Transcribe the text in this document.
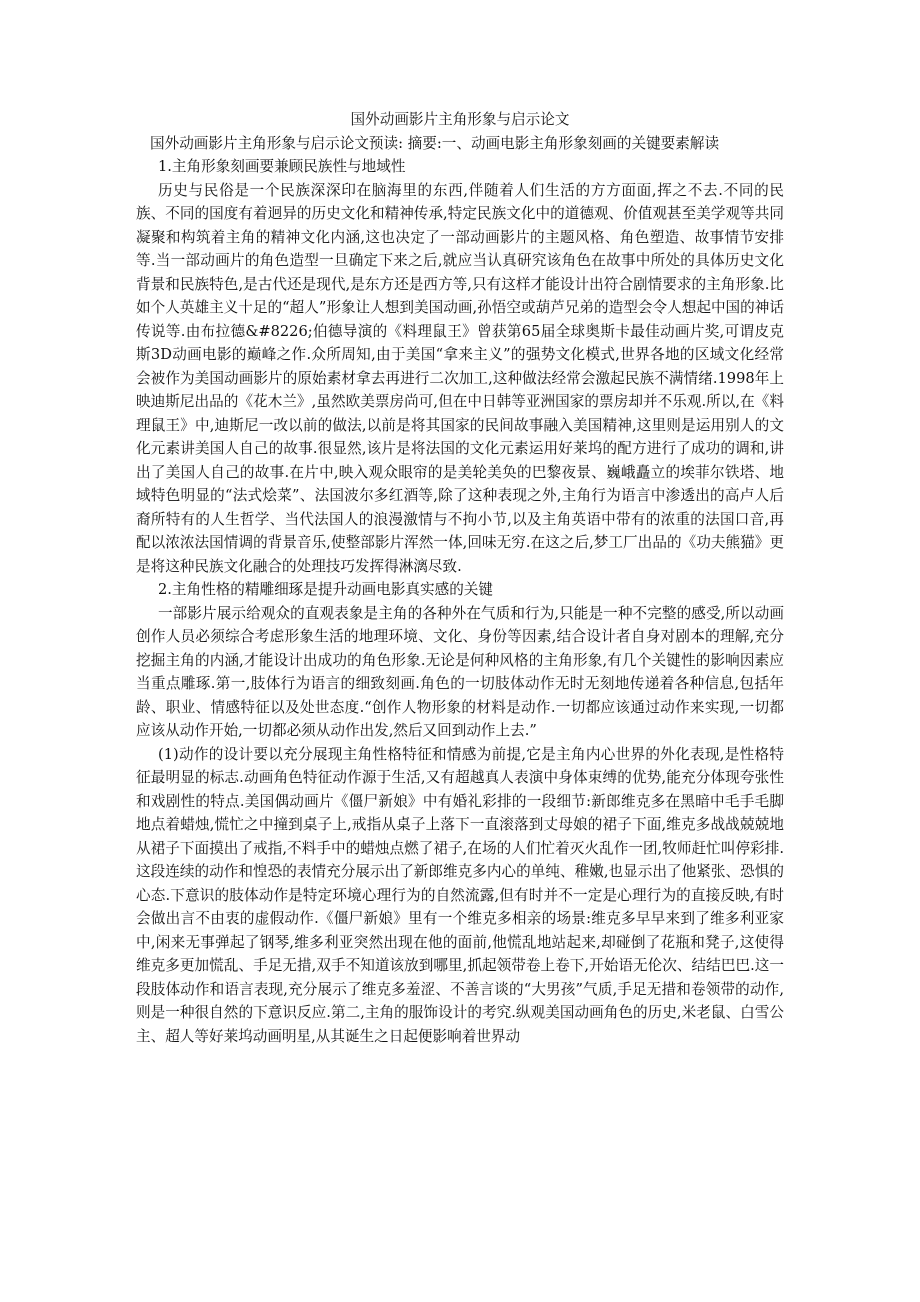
国外动画影片主角形象与启示论文

国外动画影片主角形象与启示论文预读: 摘要:一、动画电影主角形象刻画的关键要素解读

1.主角形象刻画要兼顾民族性与地域性

历史与民俗是一个民族深深印在脑海里的东西,伴随着人们生活的方方面面,挥之不去.不同的民族、不同的国度有着迥异的历史文化和精神传承,特定民族文化中的道德观、价值观甚至美学观等共同凝聚和构筑着主角的精神文化内涵,这也决定了一部动画影片的主题风格、角色塑造、故事情节安排等.当一部动画片的角色造型一旦确定下来之后,就应当认真研究该角色在故事中所处的具体历史文化背景和民族特色,是古代还是现代,是东方还是西方等,只有这样才能设计出符合剧情要求的主角形象.比如个人英雄主义十足的“超人”形象让人想到美国动画,孙悟空或葫芦兄弟的造型会令人想起中国的神话传说等.由布拉德&#8226;伯德导演的《料理鼠王》曾获第65届全球奥斯卡最佳动画片奖,可谓皮克斯3D动画电影的巅峰之作.众所周知,由于美国“拿来主义”的强势文化模式,世界各地的区域文化经常会被作为美国动画影片的原始素材拿去再进行二次加工,这种做法经常会激起民族不满情绪.1998年上映迪斯尼出品的《花木兰》,虽然欧美票房尚可,但在中日韩等亚洲国家的票房却并不乐观.所以,在《料理鼠王》中,迪斯尼一改以前的做法,以前是将其国家的民间故事融入美国精神,这里则是运用别人的文化元素讲美国人自己的故事.很显然,该片是将法国的文化元素运用好莱坞的配方进行了成功的调和,讲出了美国人自己的故事.在片中,映入观众眼帘的是美轮美奂的巴黎夜景、巍峨矗立的埃菲尔铁塔、地域特色明显的“法式烩菜”、法国波尔多红酒等,除了这种表现之外,主角行为语言中渗透出的高卢人后裔所特有的人生哲学、当代法国人的浪漫激情与不拘小节,以及主角英语中带有的浓重的法国口音,再配以浓浓法国情调的背景音乐,使整部影片浑然一体,回味无穷.在这之后,梦工厂出品的《功夫熊猫》更是将这种民族文化融合的处理技巧发挥得淋漓尽致.

2.主角性格的精雕细琢是提升动画电影真实感的关键

一部影片展示给观众的直观表象是主角的各种外在气质和行为,只能是一种不完整的感受,所以动画创作人员必须综合考虑形象生活的地理环境、文化、身份等因素,结合设计者自身对剧本的理解,充分挖掘主角的内涵,才能设计出成功的角色形象.无论是何种风格的主角形象,有几个关键性的影响因素应当重点雕琢.第一,肢体行为语言的细致刻画.角色的一切肢体动作无时无刻地传递着各种信息,包括年龄、职业、情感特征以及处世态度.“创作人物形象的材料是动作.一切都应该通过动作来实现,一切都应该从动作开始,一切都必须从动作出发,然后又回到动作上去.”

(1)动作的设计要以充分展现主角性格特征和情感为前提,它是主角内心世界的外化表现,是性格特征最明显的标志.动画角色特征动作源于生活,又有超越真人表演中身体束缚的优势,能充分体现夸张性和戏剧性的特点.美国偶动画片《僵尸新娘》中有婚礼彩排的一段细节:新郎维克多在黑暗中毛手毛脚地点着蜡烛,慌忙之中撞到桌子上,戒指从桌子上落下一直滚落到丈母娘的裙子下面,维克多战战兢兢地从裙子下面摸出了戒指,不料手中的蜡烛点燃了裙子,在场的人们忙着灭火乱作一团,牧师赶忙叫停彩排.这段连续的动作和惶恐的表情充分展示出了新郎维克多内心的单纯、稚嫩,也显示出了他紧张、恐惧的心态.下意识的肢体动作是特定环境心理行为的自然流露,但有时并不一定是心理行为的直接反映,有时会做出言不由衷的虚假动作.《僵尸新娘》里有一个维克多相亲的场景:维克多早早来到了维多利亚家中,闲来无事弹起了钢琴,维多利亚突然出现在他的面前,他慌乱地站起来,却碰倒了花瓶和凳子,这使得维克多更加慌乱、手足无措,双手不知道该放到哪里,抓起领带卷上卷下,开始语无伦次、结结巴巴.这一段肢体动作和语言表现,充分展示了维克多羞涩、不善言谈的“大男孩”气质,手足无措和卷领带的动作,则是一种很自然的下意识反应.第二,主角的服饰设计的考究.纵观美国动画角色的历史,米老鼠、白雪公主、超人等好莱坞动画明星,从其诞生之日起便影响着世界动
